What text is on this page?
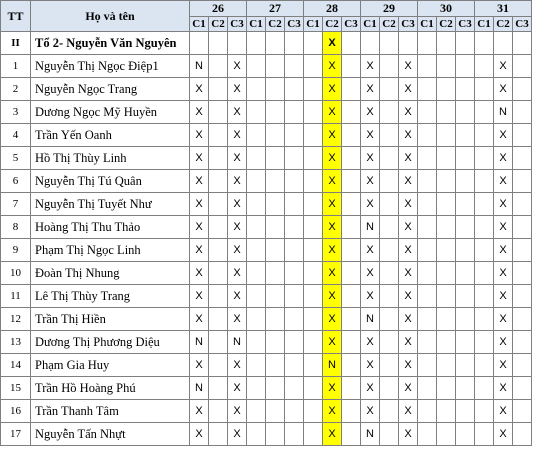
TT	Họ và tên	26			27			28			29			30			31		
		C1	C2	C3	C1	C2	C3	C1	C2	C3	C1	C2	C3	C1	C2	C3	C1	C2	C3
II	Tổ 2- Nguyễn Văn Nguyên								X										
1	Nguyễn Thị Ngọc Điệp1	N		X					X		X		X					X	
2	Nguyễn Ngọc Trang	X		X					X		X		X					X	
3	Dương Ngọc Mỹ Huyền	X		X					X		X		X					N	
4	Trần Yến Oanh	X		X					X		X		X					X	
5	Hồ Thị Thùy Linh	X		X					X		X		X					X	
6	Nguyễn Thị Tú Quân	X		X					X		X		X					X	
7	Nguyễn Thị Tuyết Như	X		X					X		X		X					X	
8	Hoàng Thị Thu Thảo	X		X					X		N		X					X	
9	Phạm Thị Ngọc Linh	X		X					X		X		X					X	
10	Đoàn Thị Nhung	X		X					X		X		X					X	
11	Lê Thị Thùy Trang	X		X					X		X		X					X	
12	Trần Thị Hiền	X		X					X		N		X					X	
13	Dương Thị Phương Diệu	N		N					X		X		X					X	
14	Phạm Gia Huy	X		X					N		X		X					X	
15	Trần Hồ Hoàng Phú	N		X					X		X		X					X	
16	Trần Thanh Tâm	X		X					X		X		X					X	
17	Nguyễn Tấn Nhựt	X		X					X		N		X					X	
